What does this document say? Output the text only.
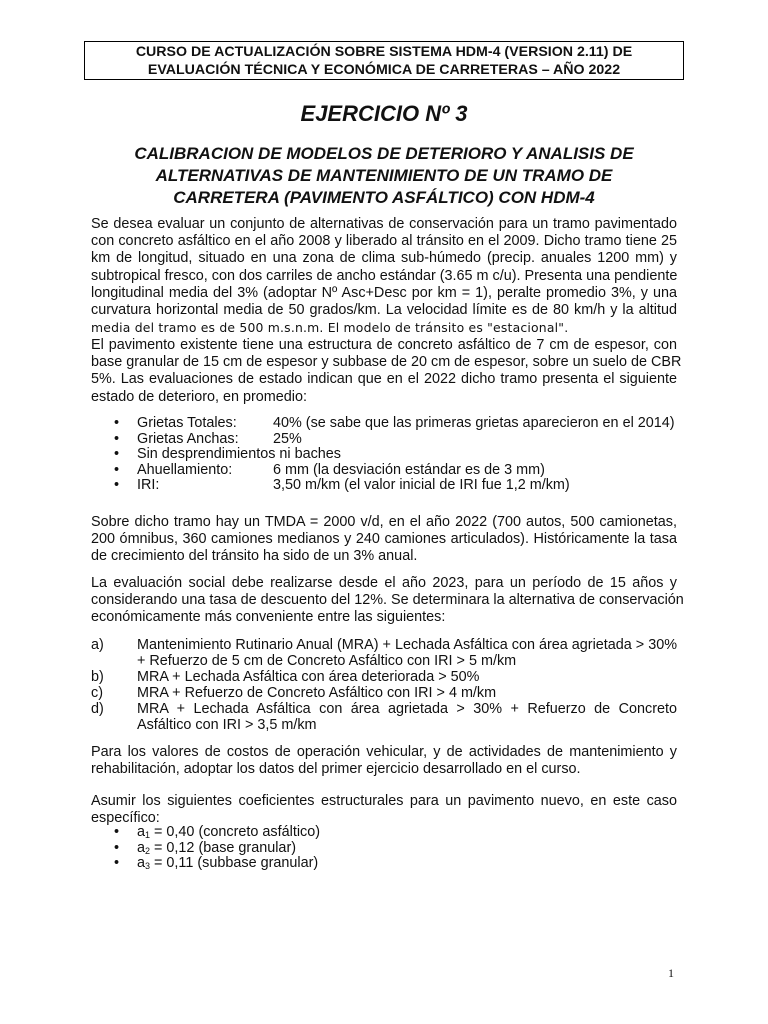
CURSO DE ACTUALIZACIÓN SOBRE SISTEMA HDM-4 (VERSION 2.11) DE
EVALUACIÓN TÉCNICA Y ECONÓMICA DE CARRETERAS – AÑO 2022
EJERCICIO Nº 3
CALIBRACION DE MODELOS DE DETERIORO Y ANALISIS DE
ALTERNATIVAS DE MANTENIMIENTO DE UN TRAMO DE
CARRETERA (PAVIMENTO ASFÁLTICO) CON HDM-4
Se desea evaluar un conjunto de alternativas de conservación para un tramo pavimentado
con concreto asfáltico en el año 2008 y liberado al tránsito en el 2009. Dicho tramo tiene 25
km de longitud, situado en una zona de clima sub-húmedo (precip. anuales 1200 mm) y
subtropical fresco, con dos carriles de ancho estándar (3.65 m c/u). Presenta una pendiente
longitudinal media del 3% (adoptar Nº Asc+Desc por km = 1), peralte promedio 3%, y una
curvatura horizontal media de 50 grados/km. La velocidad límite es de 80 km/h y la altitud
media del tramo es de 500 m.s.n.m. El modelo de tránsito es "estacional".
El pavimento existente tiene una estructura de concreto asfáltico de 7 cm de espesor, con
base granular de 15 cm de espesor y subbase de 20 cm de espesor, sobre un suelo de CBR
5%. Las evaluaciones de estado indican que en el 2022 dicho tramo presenta el siguiente
estado de deterioro, en promedio:
• Grietas Totales:	40% (se sabe que las primeras grietas aparecieron en el 2014)
• Grietas Anchas: 25%
• Sin desprendimientos ni baches
• Ahuellamiento:	6 mm (la desviación estándar es de 3 mm)
• IRI:	3,50 m/km (el valor inicial de IRI fue 1,2 m/km)
Sobre dicho tramo hay un TMDA = 2000 v/d, en el año 2022 (700 autos, 500 camionetas,
200 ómnibus, 360 camiones medianos y 240 camiones articulados). Históricamente la tasa
de crecimiento del tránsito ha sido de un 3% anual.
La evaluación social debe realizarse desde el año 2023, para un período de 15 años y
considerando una tasa de descuento del 12%. Se determinara la alternativa de conservación
económicamente más conveniente entre las siguientes:
a) Mantenimiento Rutinario Anual (MRA) + Lechada Asfáltica con área agrietada > 30%
+ Refuerzo de 5 cm de Concreto Asfáltico con IRI > 5 m/km
b) MRA + Lechada Asfáltica con área deteriorada > 50%
c) MRA + Refuerzo de Concreto Asfáltico con IRI > 4 m/km
d) MRA + Lechada Asfáltica con área agrietada > 30% + Refuerzo de Concreto
Asfáltico con IRI > 3,5 m/km
Para los valores de costos de operación vehicular, y de actividades de mantenimiento y
rehabilitación, adoptar los datos del primer ejercicio desarrollado en el curso.
Asumir los siguientes coeficientes estructurales para un pavimento nuevo, en este caso
específico:
• $a_1 = 0,40$ (concreto asfáltico)
• $a_2 = 0,12$ (base granular)
• $a_3 = 0,11$ (subbase granular)
1
